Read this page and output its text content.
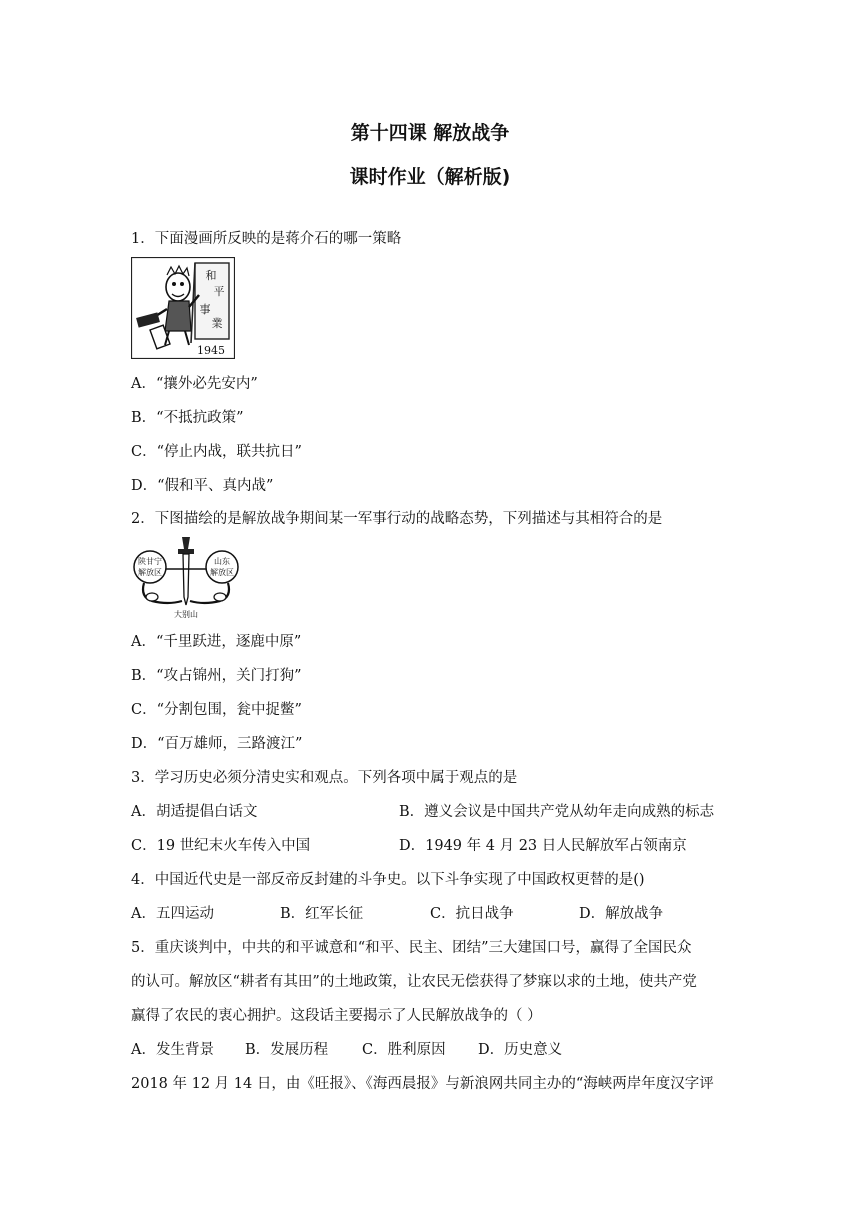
第十四课 解放战争
课时作业（解析版)
1．下面漫画所反映的是蒋介石的哪一策略
和
平
事
業
1945
A．“攘外必先安内”
B．“不抵抗政策”
C．“停止内战，联共抗日”
D．“假和平、真内战”
2．下图描绘的是解放战争期间某一军事行动的战略态势，下列描述与其相符合的是
陕甘宁
解放区
山东
解放区
大别山
A．“千里跃进，逐鹿中原”
B．“攻占锦州，关门打狗”
C．“分割包围，瓮中捉鳖”
D．“百万雄师，三路渡江”
3．学习历史必须分清史实和观点。下列各项中属于观点的是
A．胡适提倡白话文	B．遵义会议是中国共产党从幼年走向成熟的标志
C．19 世纪末火车传入中国	D．1949 年 4 月 23 日人民解放军占领南京
4．中国近代史是一部反帝反封建的斗争史。以下斗争实现了中国政权更替的是()
A．五四运动	B．红军长征	C．抗日战争	D．解放战争
5．重庆谈判中，中共的和平诚意和“和平、民主、团结”三大建国口号，赢得了全国民众
的认可。解放区“耕者有其田”的土地政策，让农民无偿获得了梦寐以求的土地，使共产党
赢得了农民的衷心拥护。这段话主要揭示了人民解放战争的（ ）
A．发生背景 B．发展历程 C．胜利原因 D．历史意义
2018 年 12 月 14 日，由《旺报》、《海西晨报》与新浪网共同主办的“海峡两岸年度汉字评
